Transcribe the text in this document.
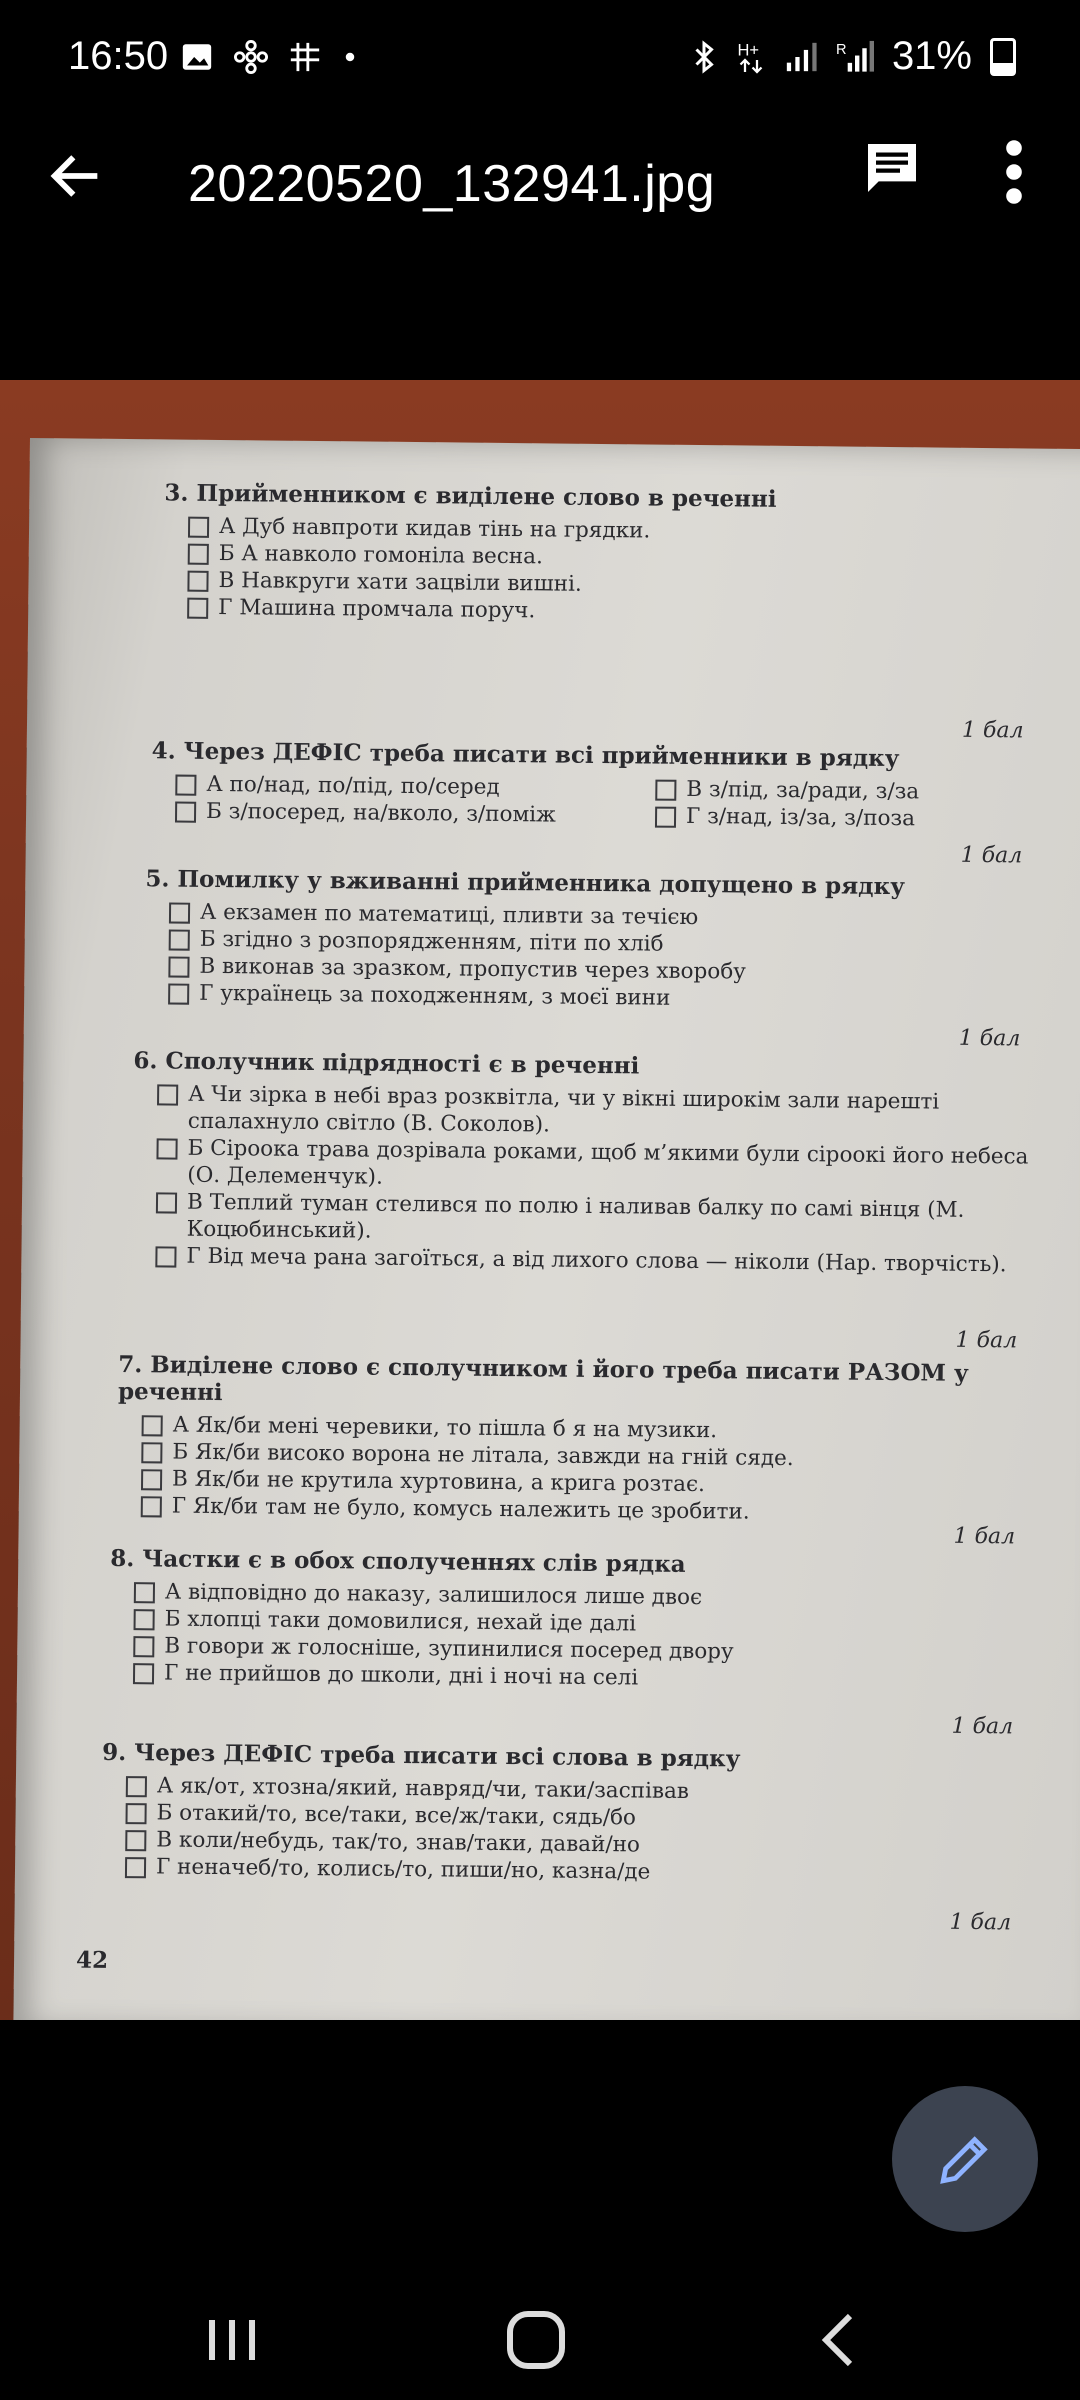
16:50	H+	R 31%
20220520_132941.jpg
3. Прийменником є виділене слово в реченні
А Дуб навпроти кидав тінь на грядки.
Б А навколо гомоніла весна.
В Навкруги хати зацвіли вишні.
Г Машина промчала поруч.
1 бал
4. Через ДЕФІС треба писати всі прийменники в рядку
А по/над, по/під, по/серед	В з/під, за/ради, з/за
Б з/посеред, на/вколо, з/поміж	Г з/над, із/за, з/поза
1 бал
5. Помилку у вживанні прийменника допущено в рядку
А екзамен по математиці, пливти за течією
Б згідно з розпорядженням, піти по хліб
В виконав за зразком, пропустив через хворобу
Г українець за походженням, з моєї вини
1 бал
6. Сполучник підрядності є в реченні
А Чи зірка в небі враз розквітла, чи у вікні широкім зали нарешті спалахнуло світло (В. Соколов).
Б Сіроока трава дозрівала роками, щоб м’якими були сіроокі його небеса (О. Делеменчук).
В Теплий туман стелився по полю і наливав балку по самі вінця (М. Коцюбинський).
Г Від меча рана загоїться, а від лихого слова — ніколи (Нар. творчість).
1 бал
7. Виділене слово є сполучником і його треба писати РАЗОМ у реченні
А Як/би мені черевики, то пішла б я на музики.
Б Як/би високо ворона не літала, завжди на гній сяде.
В Як/би не крутила хуртовина, а крига розтає.
Г Як/би там не було, комусь належить це зробити.
1 бал
8. Частки є в обох сполученнях слів рядка
А відповідно до наказу, залишилося лише двоє
Б хлопці таки домовилися, нехай іде далі
В говори ж голосніше, зупинилися посеред двору
Г не прийшов до школи, дні і ночі на селі
1 бал
9. Через ДЕФІС треба писати всі слова в рядку
А як/от, хтозна/який, навряд/чи, таки/заспівав
Б отакий/то, все/таки, все/ж/таки, сядь/бо
В коли/небудь, так/то, знав/таки, давай/но
Г неначеб/то, колись/то, пиши/но, казна/де
1 бал
42
